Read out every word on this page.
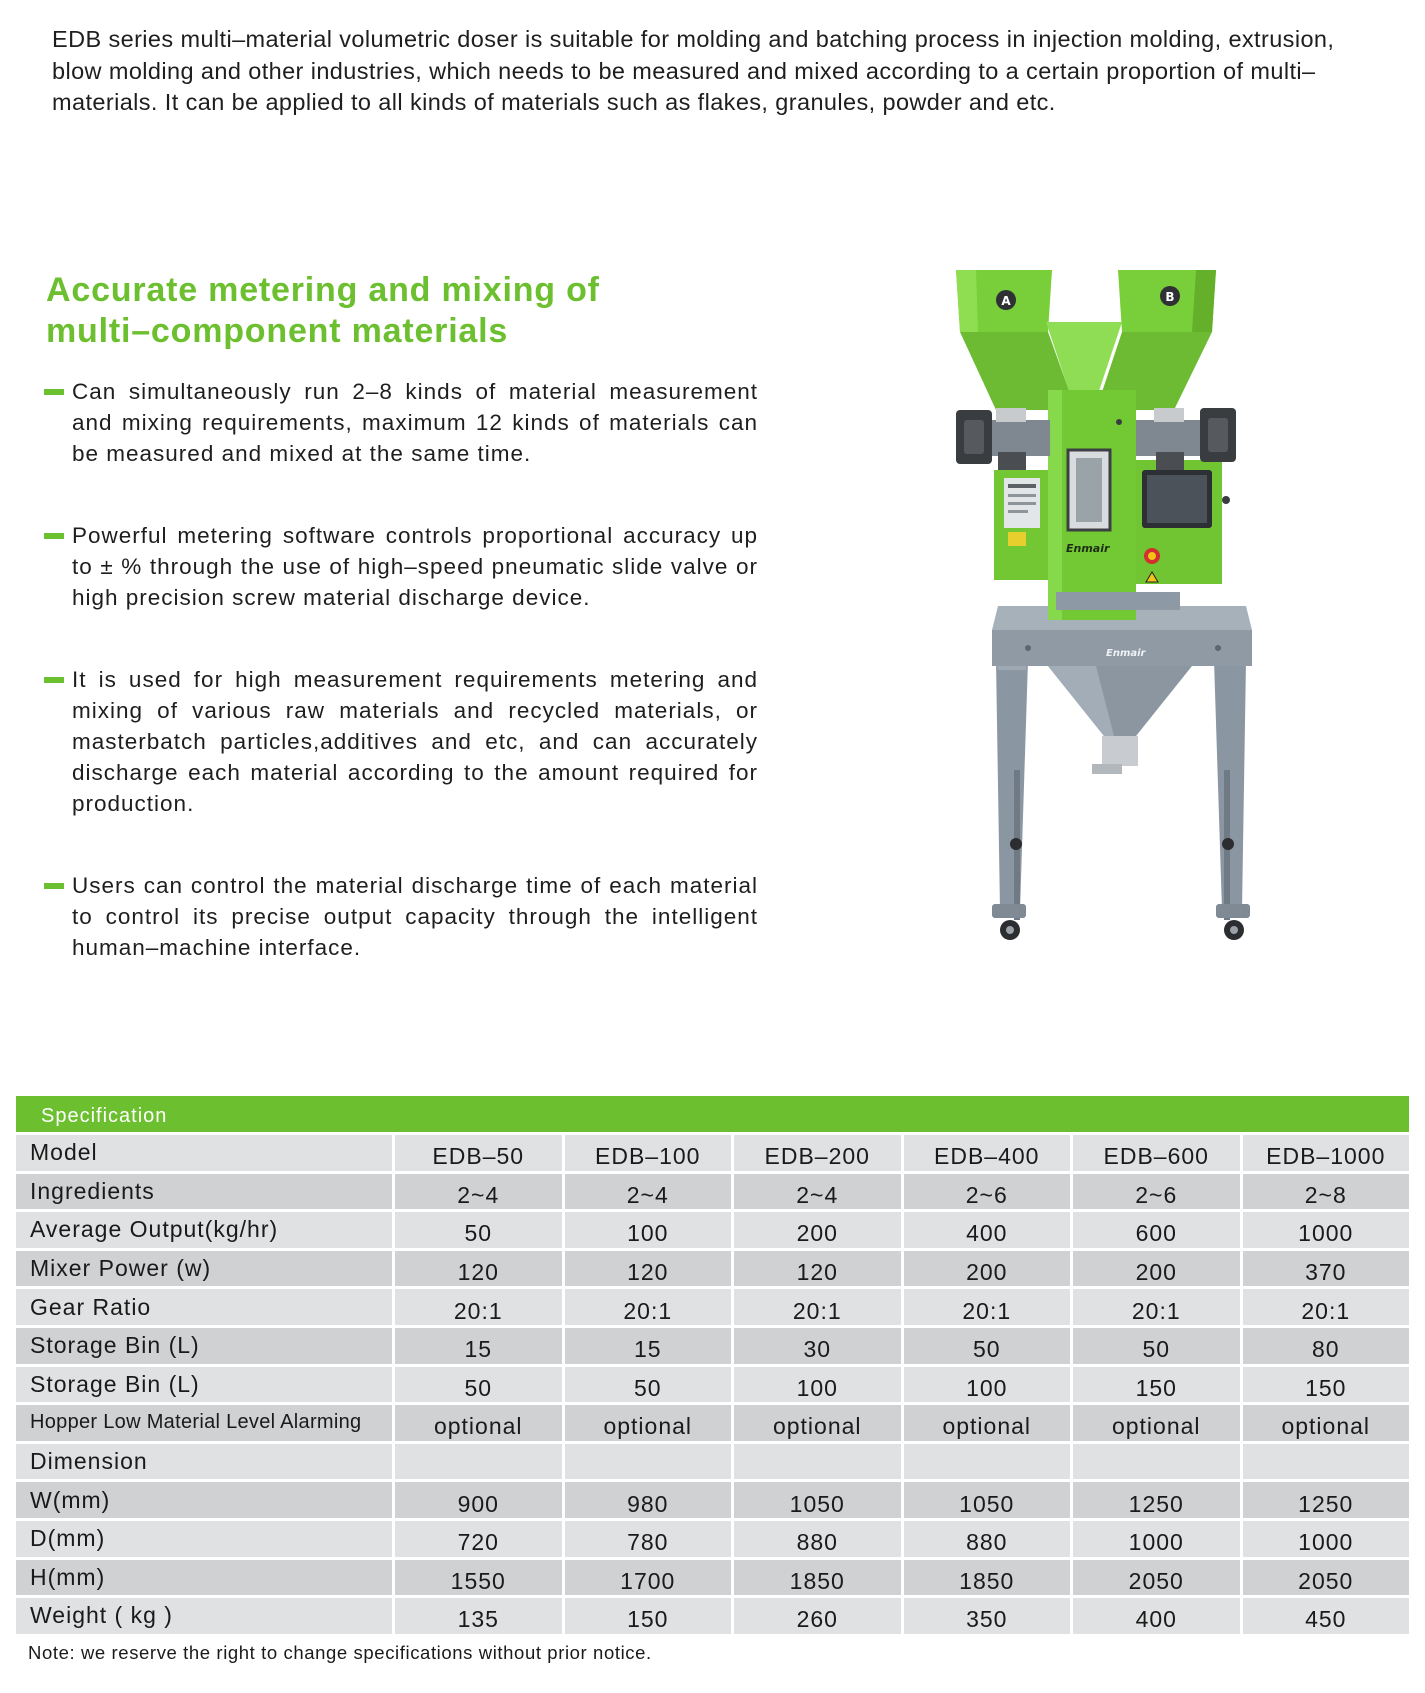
EDB series multi–material volumetric doser is suitable for molding and batching process in injection molding, extrusion, blow molding and other industries, which needs to be measured and mixed according to a certain proportion of multi–materials. It can be applied to all kinds of materials such as flakes, granules, powder and etc.

Accurate metering and mixing of multi–component materials

Can simultaneously run 2–8 kinds of material measurement and mixing requirements, maximum 12 kinds of materials can be measured and mixed at the same time.

Powerful metering software controls proportional accuracy up to ± % through the use of high–speed pneumatic slide valve or high precision screw material discharge device.

It is used for high measurement requirements metering and mixing of various raw materials and recycled materials, or masterbatch particles,additives and etc, and can accurately discharge each material according to the amount required for production.

Users can control the material discharge time of each material to control its precise output capacity through the intelligent human–machine interface.

Enmair
A	B
Enmair
Specification
Model	EDB–50	EDB–100	EDB–200	EDB–400	EDB–600	EDB–1000
Ingredients	2~4	2~4	2~4	2~6	2~6	2~8
Average Output(kg/hr)	50	100	200	400	600	1000
Mixer Power (w)	120	120	120	200	200	370
Gear Ratio	20:1	20:1	20:1	20:1	20:1	20:1
Storage Bin (L)	15	15	30	50	50	80
Storage Bin (L)	50	50	100	100	150	150
Hopper Low Material Level Alarming	optional	optional	optional	optional	optional	optional
Dimension						
W(mm)	900	980	1050	1050	1250	1250
D(mm)	720	780	880	880	1000	1000
H(mm)	1550	1700	1850	1850	2050	2050
Weight ( kg )	135	150	260	350	400	450

Note: we reserve the right to change specifications without prior notice.
